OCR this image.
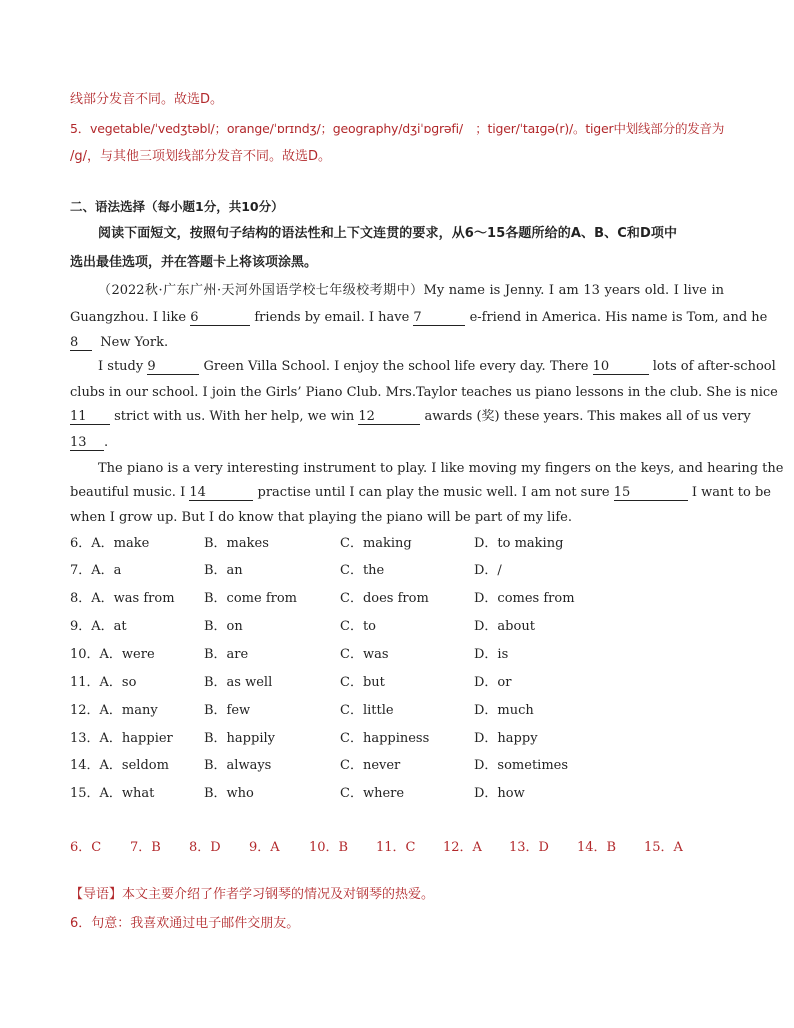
线部分发音不同。故选D。
5．vegetable/ˈvedʒtəbl/；orange/ˈɒrɪndʒ/；geography/dʒiˈɒɡrəfi/　；tiger/ˈtaɪɡə(r)/。tiger中划线部分的发音为
/g/，与其他三项划线部分发音不同。故选D。
二、语法选择（每小题1分，共10分）
阅读下面短文，按照句子结构的语法性和上下文连贯的要求，从6～15各题所给的A、B、C和D项中
选出最佳选项，并在答题卡上将该项涂黑。
（2022秋·广东广州·天河外国语学校七年级校考期中）My name is Jenny. I am 13 years old. I live in
Guangzhou. I like 6	friends by email. I have 7	e-friend in America. His name is Tom, and he
8 New York.
I study 9	Green Villa School. I enjoy the school life every day. There 10	lots of after-school
clubs in our school. I join the Girls’ Piano Club. Mrs.Taylor teaches us piano lessons in the club. She is nice
11 strict with us. With her help, we win 12	awards (奖) these years. This makes all of us very
13 .
The piano is a very interesting instrument to play. I like moving my fingers on the keys, and hearing the
beautiful music. I 14	practise until I can play the music well. I am not sure 15	I want to be
when I grow up. But I do know that playing the piano will be part of my life.
6．A．make	B．makes	C．making	D．to making
7．A．a	B．an	C．the	D．/
8．A．was from B．come from	C．does from	D．comes from
9．A．at	B．on	C．to	D．about
10．A．were	B．are	C．was	D．is
11．A．so	B．as well	C．but	D．or
12．A．many	B．few	C．little	D．much
13．A．happier B．happily	C．happiness	D．happy
14．A．seldom	B．always	C．never	D．sometimes
15．A．what	B．who	C．where	D．how
6．C 7．B 8．D 9．A 10．B 11．C 12．A 13．D 14．B 15．A
【导语】本文主要介绍了作者学习钢琴的情况及对钢琴的热爱。
6．句意：我喜欢通过电子邮件交朋友。
